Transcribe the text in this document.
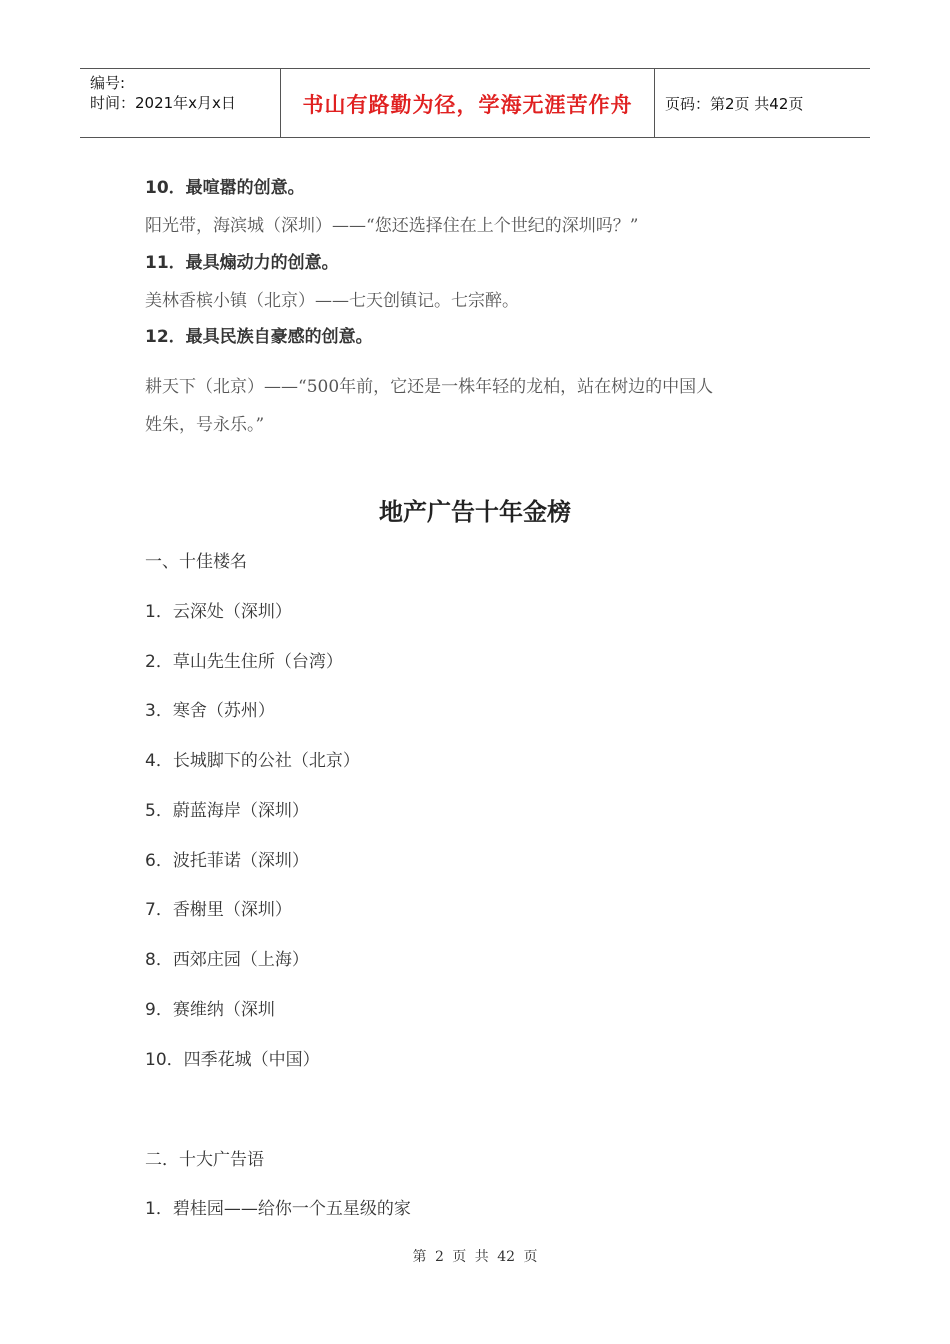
编号:
时间：2021年x月x日	书山有路勤为径，学海无涯苦作舟	页码：第2页 共42页
10．最喧嚣的创意。
阳光带，海滨城（深圳）——“您还选择住在上个世纪的深圳吗？”
11．最具煽动力的创意。
美林香槟小镇（北京）——七天创镇记。七宗醉。
12．最具民族自豪感的创意。
耕天下（北京）——“500年前，它还是一株年轻的龙柏，站在树边的中国人
姓朱，号永乐。”
地产广告十年金榜
一、十佳楼名
1．云深处（深圳）
2．草山先生住所（台湾）
3．寒舍（苏州）
4．长城脚下的公社（北京）
5．蔚蓝海岸（深圳）
6．波托菲诺（深圳）
7．香榭里（深圳）
8．西郊庄园（上海）
9．赛维纳（深圳
10．四季花城（中国）
二．十大广告语
1．碧桂园——给你一个五星级的家
第 2 页 共 42 页
